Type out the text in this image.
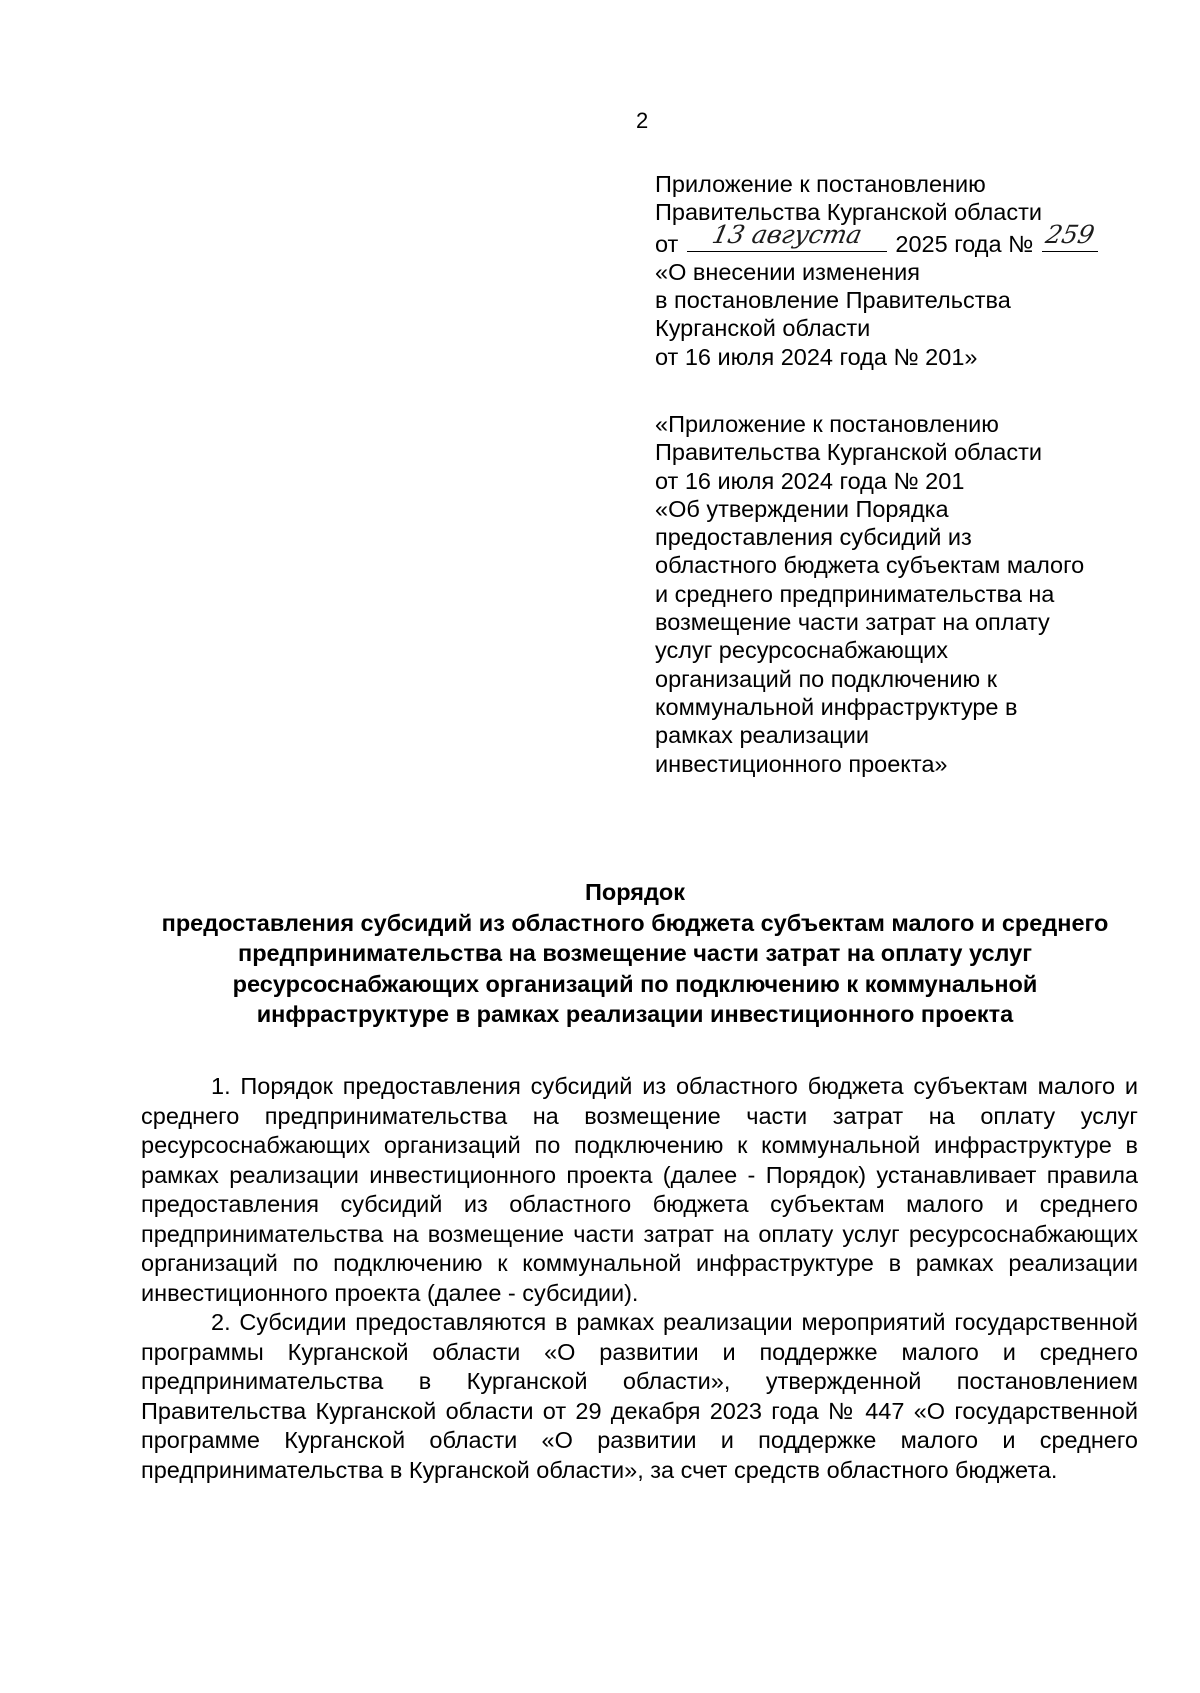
2
Приложение к постановлению
Правительства Курганской области
от	13 августа	2025 года № 259
«О внесении изменения
в постановление Правительства
Курганской области
от 16 июля 2024 года № 201»
«Приложение к постановлению
Правительства Курганской области
от 16 июля 2024 года № 201
«Об утверждении Порядка
предоставления субсидий из
областного бюджета субъектам малого
и среднего предпринимательства на
возмещение части затрат на оплату
услуг ресурсоснабжающих
организаций по подключению к
коммунальной инфраструктуре в
рамках реализации
инвестиционного проекта»
Порядок
предоставления субсидий из областного бюджета субъектам малого и среднего предпринимательства на возмещение части затрат на оплату услуг ресурсоснабжающих организаций по подключению к коммунальной инфраструктуре в рамках реализации инвестиционного проекта

1. Порядок предоставления субсидий из областного бюджета субъектам малого и среднего предпринимательства на возмещение части затрат на оплату услуг ресурсоснабжающих организаций по подключению к коммунальной инфраструктуре в рамках реализации инвестиционного проекта (далее - Порядок) устанавливает правила предоставления субсидий из областного бюджета субъектам малого и среднего предпринимательства на возмещение части затрат на оплату услуг ресурсоснабжающих организаций по подключению к коммунальной инфраструктуре в рамках реализации инвестиционного проекта (далее - субсидии).

2. Субсидии предоставляются в рамках реализации мероприятий государственной программы Курганской области «О развитии и поддержке малого и среднего предпринимательства в Курганской области», утвержденной постановлением Правительства Курганской области от 29 декабря 2023 года № 447 «О государственной программе Курганской области «О развитии и поддержке малого и среднего предпринимательства в Курганской области», за счет средств областного бюджета.
